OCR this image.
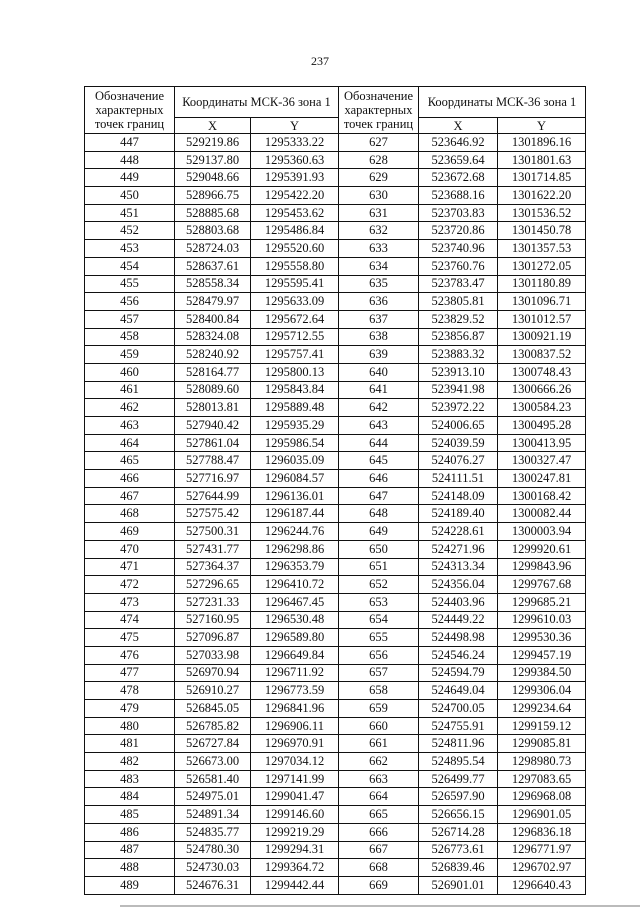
237
Обозначение характерных точек границ	Координаты МСК-36 зона 1		Обозначение характерных точек границ	Координаты МСК-36 зона 1	
	X	Y		X	Y
447	529219.86	1295333.22	627	523646.92	1301896.16
448	529137.80	1295360.63	628	523659.64	1301801.63
449	529048.66	1295391.93	629	523672.68	1301714.85
450	528966.75	1295422.20	630	523688.16	1301622.20
451	528885.68	1295453.62	631	523703.83	1301536.52
452	528803.68	1295486.84	632	523720.86	1301450.78
453	528724.03	1295520.60	633	523740.96	1301357.53
454	528637.61	1295558.80	634	523760.76	1301272.05
455	528558.34	1295595.41	635	523783.47	1301180.89
456	528479.97	1295633.09	636	523805.81	1301096.71
457	528400.84	1295672.64	637	523829.52	1301012.57
458	528324.08	1295712.55	638	523856.87	1300921.19
459	528240.92	1295757.41	639	523883.32	1300837.52
460	528164.77	1295800.13	640	523913.10	1300748.43
461	528089.60	1295843.84	641	523941.98	1300666.26
462	528013.81	1295889.48	642	523972.22	1300584.23
463	527940.42	1295935.29	643	524006.65	1300495.28
464	527861.04	1295986.54	644	524039.59	1300413.95
465	527788.47	1296035.09	645	524076.27	1300327.47
466	527716.97	1296084.57	646	524111.51	1300247.81
467	527644.99	1296136.01	647	524148.09	1300168.42
468	527575.42	1296187.44	648	524189.40	1300082.44
469	527500.31	1296244.76	649	524228.61	1300003.94
470	527431.77	1296298.86	650	524271.96	1299920.61
471	527364.37	1296353.79	651	524313.34	1299843.96
472	527296.65	1296410.72	652	524356.04	1299767.68
473	527231.33	1296467.45	653	524403.96	1299685.21
474	527160.95	1296530.48	654	524449.22	1299610.03
475	527096.87	1296589.80	655	524498.98	1299530.36
476	527033.98	1296649.84	656	524546.24	1299457.19
477	526970.94	1296711.92	657	524594.79	1299384.50
478	526910.27	1296773.59	658	524649.04	1299306.04
479	526845.05	1296841.96	659	524700.05	1299234.64
480	526785.82	1296906.11	660	524755.91	1299159.12
481	526727.84	1296970.91	661	524811.96	1299085.81
482	526673.00	1297034.12	662	524895.54	1298980.73
483	526581.40	1297141.99	663	526499.77	1297083.65
484	524975.01	1299041.47	664	526597.90	1296968.08
485	524891.34	1299146.60	665	526656.15	1296901.05
486	524835.77	1299219.29	666	526714.28	1296836.18
487	524780.30	1299294.31	667	526773.61	1296771.97
488	524730.03	1299364.72	668	526839.46	1296702.97
489	524676.31	1299442.44	669	526901.01	1296640.43
